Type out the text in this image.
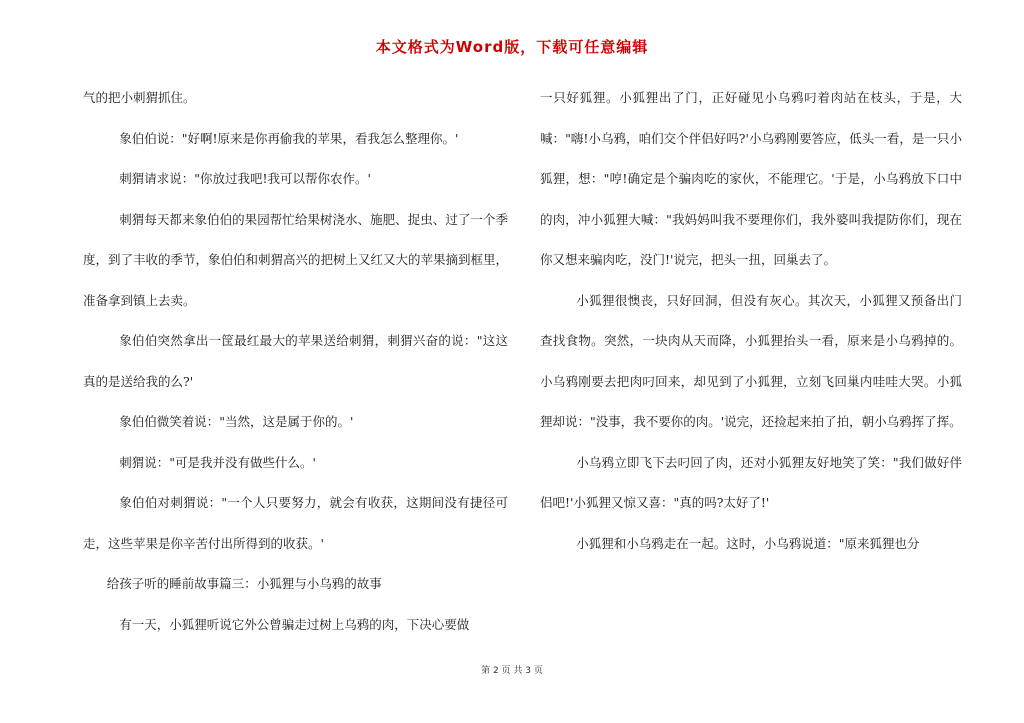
本文格式为Word版，下载可任意编辑

气的把小刺猬抓住。

象伯伯说："好啊!原来是你再偷我的苹果，看我怎么整理你。'

刺猬请求说："你放过我吧!我可以帮你农作。'

刺猬每天都来象伯伯的果园帮忙给果树浇水、施肥、捉虫、过了一个季度，到了丰收的季节，象伯伯和刺猬高兴的把树上又红又大的苹果摘到框里，准备拿到镇上去卖。

象伯伯突然拿出一筐最红最大的苹果送给刺猬，刺猬兴奋的说："这这真的是送给我的么?'

象伯伯微笑着说："当然，这是属于你的。'

刺猬说："可是我并没有做些什么。'

象伯伯对刺猬说："一个人只要努力，就会有收获，这期间没有捷径可走，这些苹果是你辛苦付出所得到的收获。'

给孩子听的睡前故事篇三：小狐狸与小乌鸦的故事

有一天，小狐狸听说它外公曾骗走过树上乌鸦的肉，下决心要做

一只好狐狸。小狐狸出了门，正好碰见小乌鸦叼着肉站在枝头，于是，大喊："嗨!小乌鸦，咱们交个伴侣好吗?'小乌鸦刚要答应，低头一看，是一只小狐狸，想："哼!确定是个骗肉吃的家伙，不能理它。'于是，小乌鸦放下口中的肉，冲小狐狸大喊："我妈妈叫我不要理你们，我外婆叫我提防你们，现在你又想来骗肉吃，没门!'说完，把头一扭，回巢去了。

小狐狸很懊丧，只好回洞，但没有灰心。其次天，小狐狸又预备出门查找食物。突然，一块肉从天而降，小狐狸抬头一看，原来是小乌鸦掉的。小乌鸦刚要去把肉叼回来，却见到了小狐狸，立刻飞回巢内哇哇大哭。小狐狸却说："没事，我不要你的肉。'说完，还捡起来拍了拍，朝小乌鸦挥了挥。

小乌鸦立即飞下去叼回了肉，还对小狐狸友好地笑了笑："我们做好伴侣吧!'小狐狸又惊又喜："真的吗?太好了!'

小狐狸和小乌鸦走在一起。这时，小乌鸦说道："原来狐狸也分

第 2 页 共 3 页
